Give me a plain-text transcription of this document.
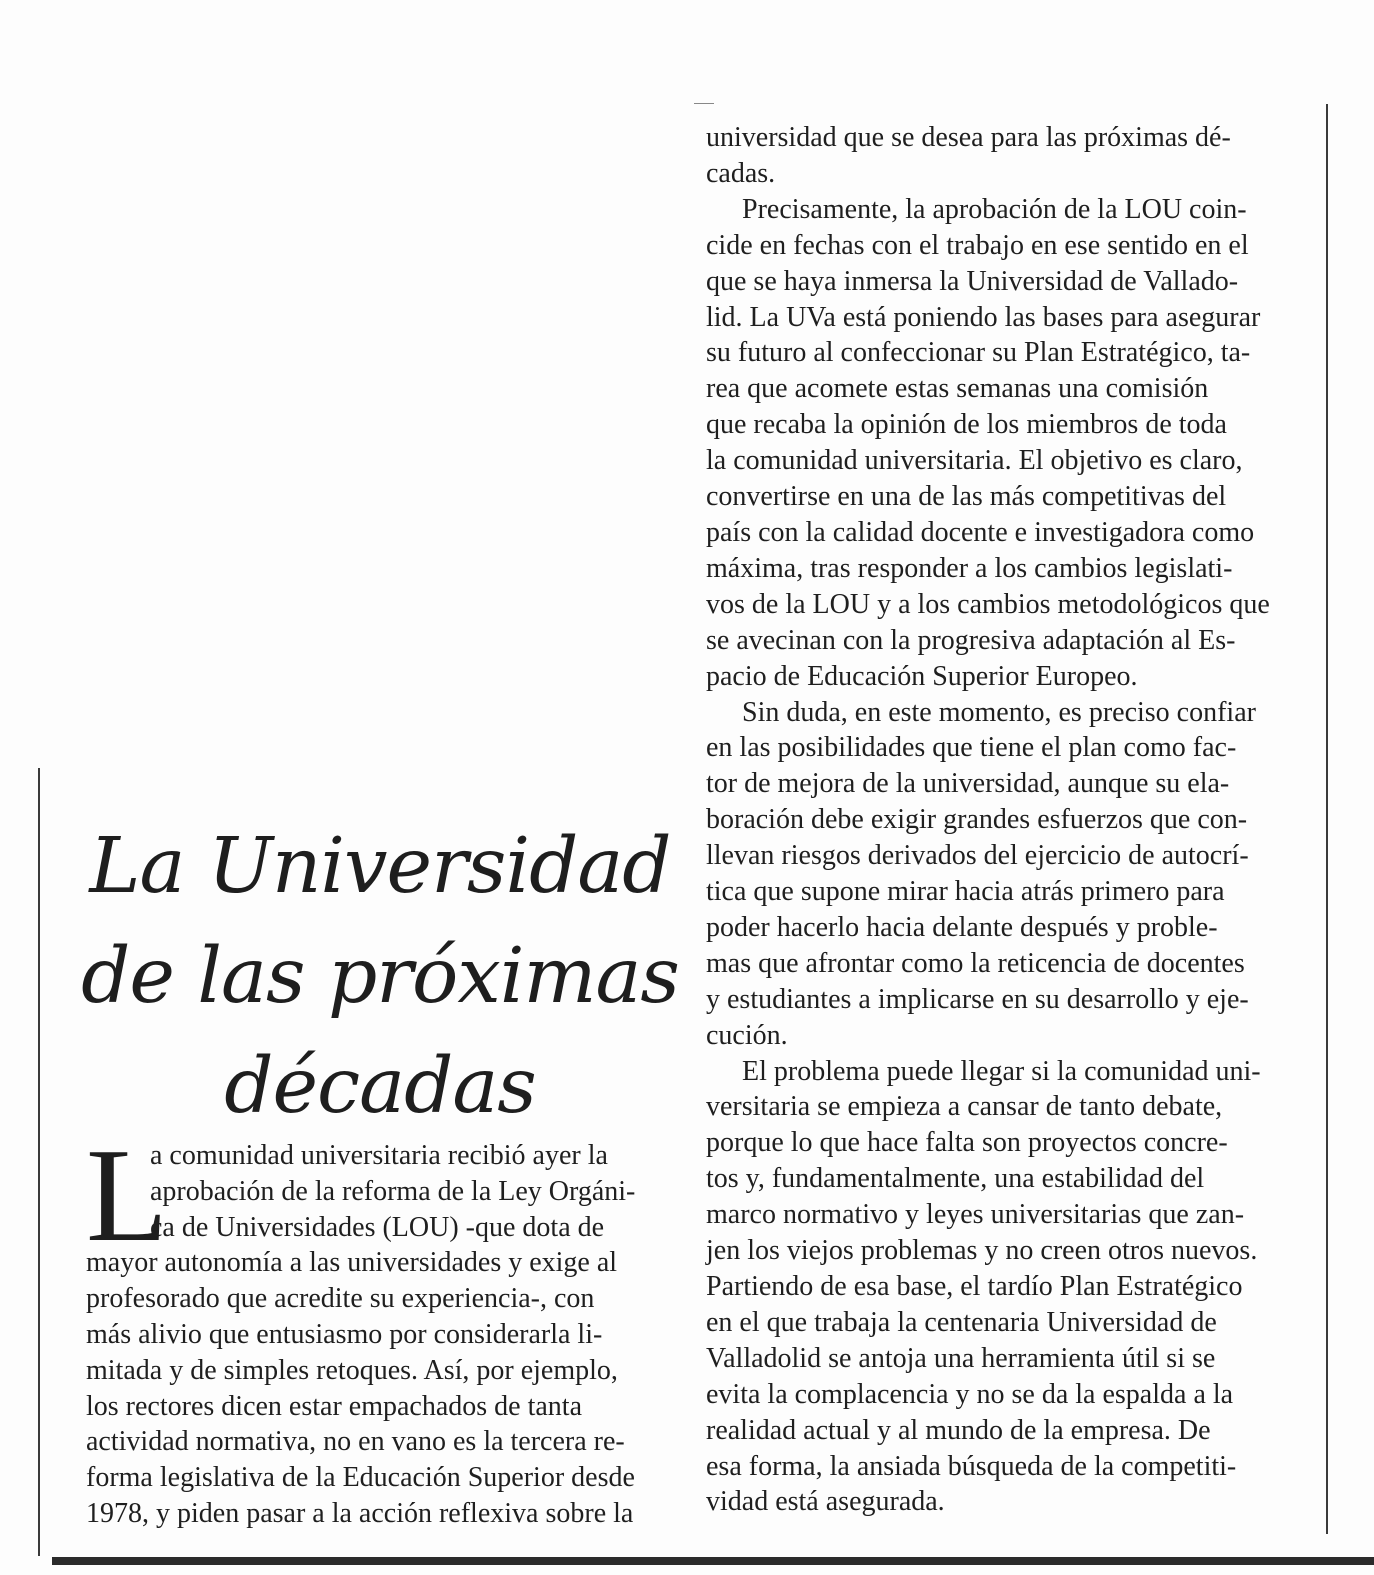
La Universidad
de las próximas
décadas
L

a comunidad universitaria recibió ayer la
aprobación de la reforma de la Ley Orgáni-
ca de Universidades (LOU) -que dota de
mayor autonomía a las universidades y exige al
profesorado que acredite su experiencia-, con
más alivio que entusiasmo por considerarla li-
mitada y de simples retoques. Así, por ejemplo,
los rectores dicen estar empachados de tanta
actividad normativa, no en vano es la tercera re-
forma legislativa de la Educación Superior desde
1978, y piden pasar a la acción reflexiva sobre la

universidad que se desea para las próximas dé-
cadas.

Precisamente, la aprobación de la LOU coin-
cide en fechas con el trabajo en ese sentido en el
que se haya inmersa la Universidad de Vallado-
lid. La UVa está poniendo las bases para asegurar
su futuro al confeccionar su Plan Estratégico, ta-
rea que acomete estas semanas una comisión
que recaba la opinión de los miembros de toda
la comunidad universitaria. El objetivo es claro,
convertirse en una de las más competitivas del
país con la calidad docente e investigadora como
máxima, tras responder a los cambios legislati-
vos de la LOU y a los cambios metodológicos que
se avecinan con la progresiva adaptación al Es-
pacio de Educación Superior Europeo.

Sin duda, en este momento, es preciso confiar
en las posibilidades que tiene el plan como fac-
tor de mejora de la universidad, aunque su ela-
boración debe exigir grandes esfuerzos que con-
llevan riesgos derivados del ejercicio de autocrí-
tica que supone mirar hacia atrás primero para
poder hacerlo hacia delante después y proble-
mas que afrontar como la reticencia de docentes
y estudiantes a implicarse en su desarrollo y eje-
cución.

El problema puede llegar si la comunidad uni-
versitaria se empieza a cansar de tanto debate,
porque lo que hace falta son proyectos concre-
tos y, fundamentalmente, una estabilidad del
marco normativo y leyes universitarias que zan-
jen los viejos problemas y no creen otros nuevos.
Partiendo de esa base, el tardío Plan Estratégico
en el que trabaja la centenaria Universidad de
Valladolid se antoja una herramienta útil si se
evita la complacencia y no se da la espalda a la
realidad actual y al mundo de la empresa. De
esa forma, la ansiada búsqueda de la competiti-
vidad está asegurada.
